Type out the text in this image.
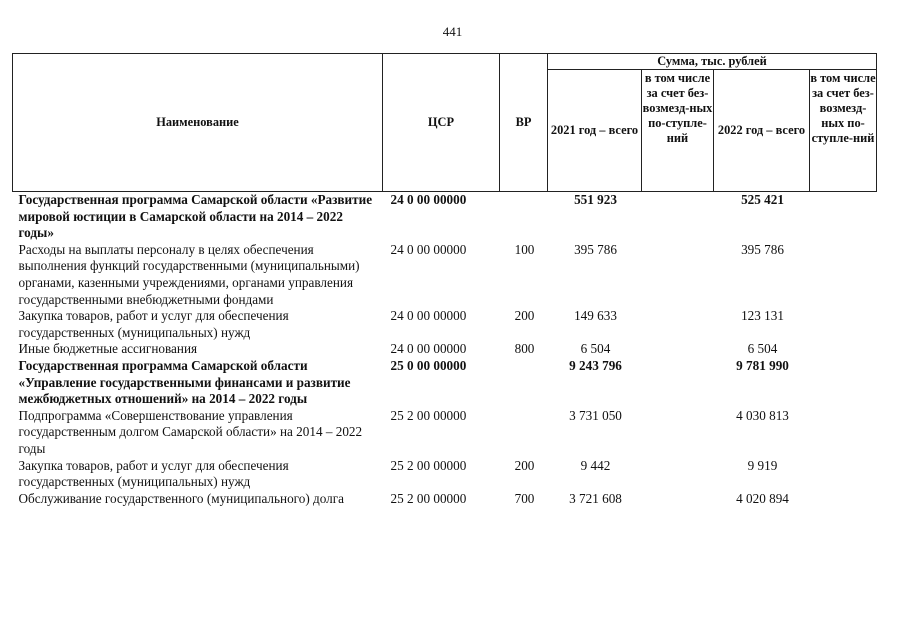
441
Наименование	ЦСР	ВР	Сумма, тыс. рублей			
			2021 год – всего	в том числе за счет без-возмезд-ных по-ступле-ний	2022 год – всего	в том числе за счет без-возмезд-ных по-ступле-ний
Государственная программа Самарской области «Развитие мировой юстиции в Самарской области на 2014 – 2022 годы»	24 0 00 00000		551 923		525 421	
Расходы на выплаты персоналу в целях обеспечения выполнения функций государственными (муниципальными) органами, казенными учреждениями, органами управления государственными внебюджетными фондами	24 0 00 00000	100	395 786		395 786	
Закупка товаров, работ и услуг для обеспечения государственных (муниципальных) нужд	24 0 00 00000	200	149 633		123 131	
Иные бюджетные ассигнования	24 0 00 00000	800	6 504		6 504	
Государственная программа Самарской области «Управление государственными финансами и развитие межбюджетных отношений» на 2014 – 2022 годы	25 0 00 00000		9 243 796		9 781 990	
Подпрограмма «Совершенствование управления государственным долгом Самарской области» на 2014 – 2022 годы	25 2 00 00000		3 731 050		4 030 813	
Закупка товаров, работ и услуг для обеспечения государственных (муниципальных) нужд	25 2 00 00000	200	9 442		9 919	
Обслуживание государственного (муниципального) долга	25 2 00 00000	700	3 721 608		4 020 894	
